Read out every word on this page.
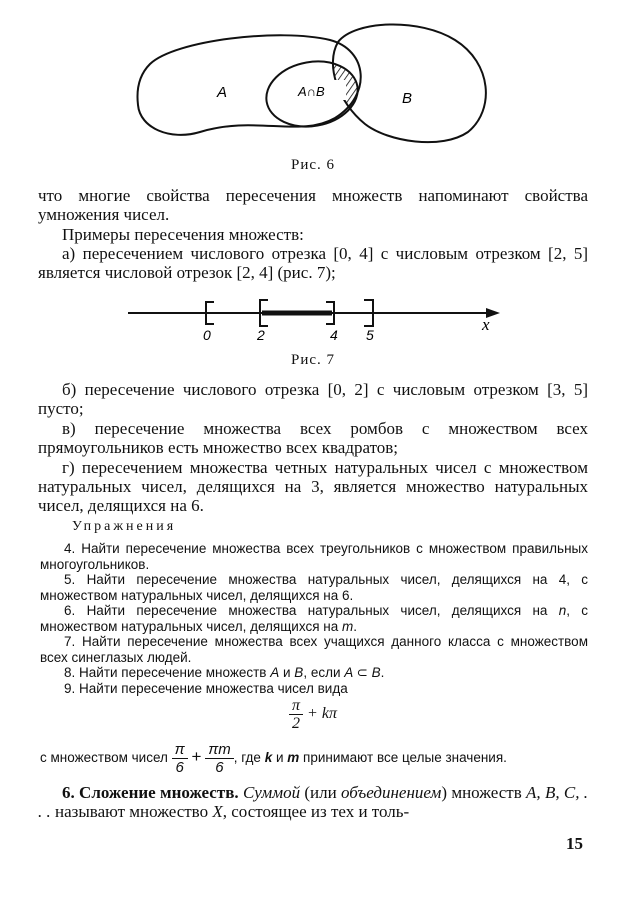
A	A∩B	B
Рис. 6
что многие свойства пересечения множеств напоминают свойства умножения чисел.
Примеры пересечения множеств:
а) пересечением числового отрезка [0, 4] с числовым отрезком [2, 5] является числовой отрезок [2, 4] (рис. 7);
0	2	4 5
x
Рис. 7
б) пересечение числового отрезка [0, 2] с числовым отрезком [3, 5] пусто;
в) пересечение множества всех ромбов с множеством всех прямоугольников есть множество всех квадратов;
г) пересечением множества четных натуральных чисел с множеством натуральных чисел, делящихся на 3, является множество натуральных чисел, делящихся на 6.
Упражнения
4. Найти пересечение множества всех треугольников с множеством правильных многоугольников.
5. Найти пересечение множества натуральных чисел, делящихся на 4, с множеством натуральных чисел, делящихся на 6.
6. Найти пересечение множества натуральных чисел, делящихся на n, с множеством натуральных чисел, делящихся на m.
7. Найти пересечение множества всех учащихся данного класса с множеством всех синеглазых людей.
8. Найти пересечение множеств A и B, если A ⊂ B.
9. Найти пересечение множества чисел вида
$\frac{\pi}{2} + k\pi$
с множеством чисел $\frac{\pi}{6} + \frac{\pi m}{6}$ , где k и m принимают все целые значения.
6. Сложение множеств. Суммой (или объединением) множеств A, B, C, . . . называют множество X, состоящее из тех и толь-
15
